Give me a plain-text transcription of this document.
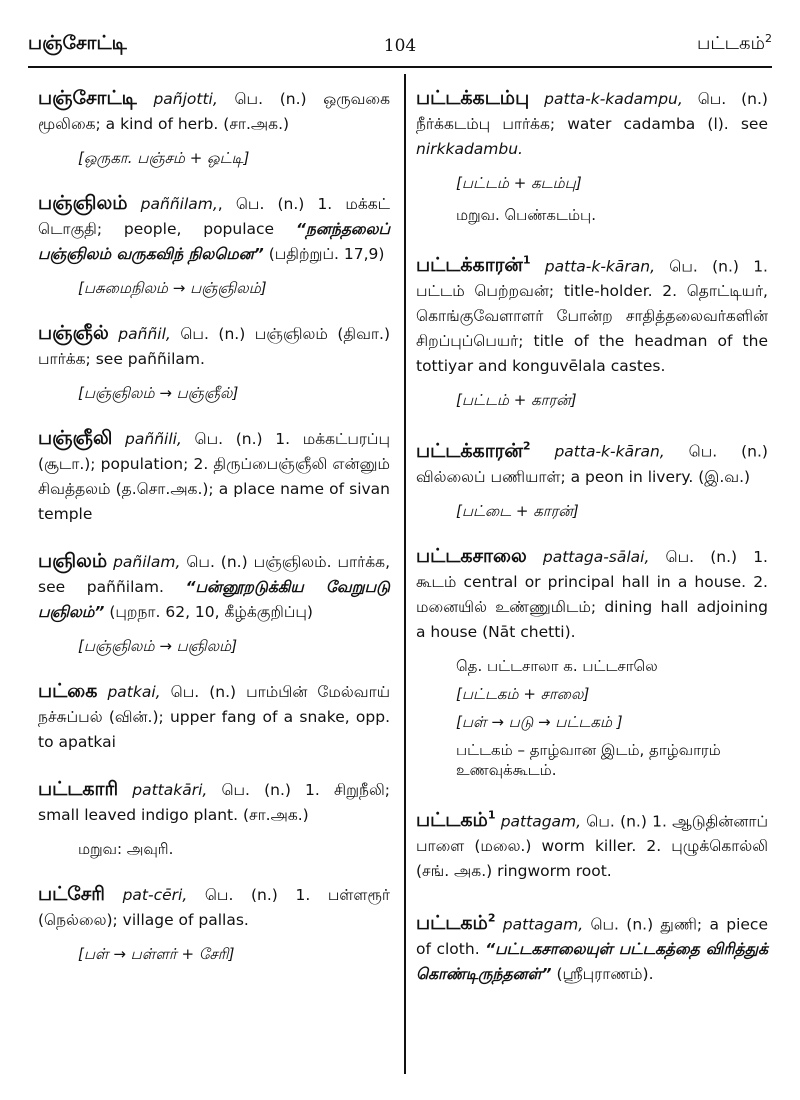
பஞ்சோட்டி	104	பட்டகம்$^2$
பஞ்சோட்டி pañjotti, பெ. (n.) ஒருவகை மூலிகை; a kind of herb. (சா.அக.)
[ஒருகா. பஞ்சம் + ஒட்டி]
பஞ்ஞிலம் paññilam,, பெ. (n.) 1. மக்கட் டொகுதி; people, populace “நனந்தலைப் பஞ்ஞிலம் வருகவிந் நிலமென” (பதிற்றுப். 17,9)
[பசுமைநிலம் → பஞ்ஞிலம்]
பஞ்ஞீல் paññil, பெ. (n.) பஞ்ஞிலம் (திவா.) பார்க்க; see paññilam.
[பஞ்ஞிலம் → பஞ்ஞீல்]
பஞ்ஞீலி paññili, பெ. (n.) 1. மக்கட்பரப்பு (சூடா.); population; 2. திருப்பைஞ்ஞீலி என்னும் சிவத்தலம் (த.சொ.அக.); a place name of sivan temple
பஞிலம் pañilam, பெ. (n.) பஞ்ஞிலம். பார்க்க, see paññilam. “பன்னூறடுக்கிய வேறுபடு பஞிலம்” (புறநா. 62, 10, கீழ்க்குறிப்பு)
[பஞ்ஞிலம் → பஞிலம்]
பட்கை patkai, பெ. (n.) பாம்பின் மேல்வாய் நச்சுப்பல் (வின்.); upper fang of a snake, opp. to apatkai
பட்டகாரி pattakāri, பெ. (n.) 1. சிறுநீலி; small leaved indigo plant. (சா.அக.)
மறுவ: அவுரி.
பட்சேரி pat-cēri, பெ. (n.) 1. பள்ளரூர் (நெல்லை); village of pallas.
[பள் → பள்ளர் + சேரி]
பட்டக்கடம்பு patta-k-kadampu, பெ. (n.) நீர்க்கடம்பு பார்க்க; water cadamba (l). see nirkkadambu.
[பட்டம் + கடம்பு]
மறுவ. பெண்கடம்பு.
பட்டக்காரன்$^1$ patta-k-kāran, பெ. (n.) 1. பட்டம் பெற்றவன்; title-holder. 2. தொட்டியர், கொங்குவேளாளர் போன்ற சாதித்தலைவர்களின் சிறப்புப்பெயர்; title of the headman of the tottiyar and konguvēlala castes.
[பட்டம் + காரன்]
பட்டக்காரன்$^2$ patta-k-kāran, பெ. (n.) வில்லைப் பணியாள்; a peon in livery. (இ.வ.)
[பட்டை + காரன்]
பட்டகசாலை pattaga-sālai, பெ. (n.) 1. கூடம் central or principal hall in a house. 2. மனையில் உண்ணுமிடம்; dining hall adjoining a house (Nāt chetti).
தெ. பட்டசாலா க. பட்டசாலெ
[பட்டகம் + சாலை]
[பள் → படு → பட்டகம் ]
பட்டகம் – தாழ்வான இடம், தாழ்வாரம் உணவுக்கூடம்.
பட்டகம்$^1$ pattagam, பெ. (n.) 1. ஆடுதின்னாப் பாளை (மலை.) worm killer. 2. புழுக்கொல்லி (சங். அக.) ringworm root.
பட்டகம்$^2$ pattagam, பெ. (n.) துணி; a piece of cloth. “பட்டகசாலையுள் பட்டகத்தை விரித்துக் கொண்டிருந்தனள்” (ஸ்ரீபுராணம்).
